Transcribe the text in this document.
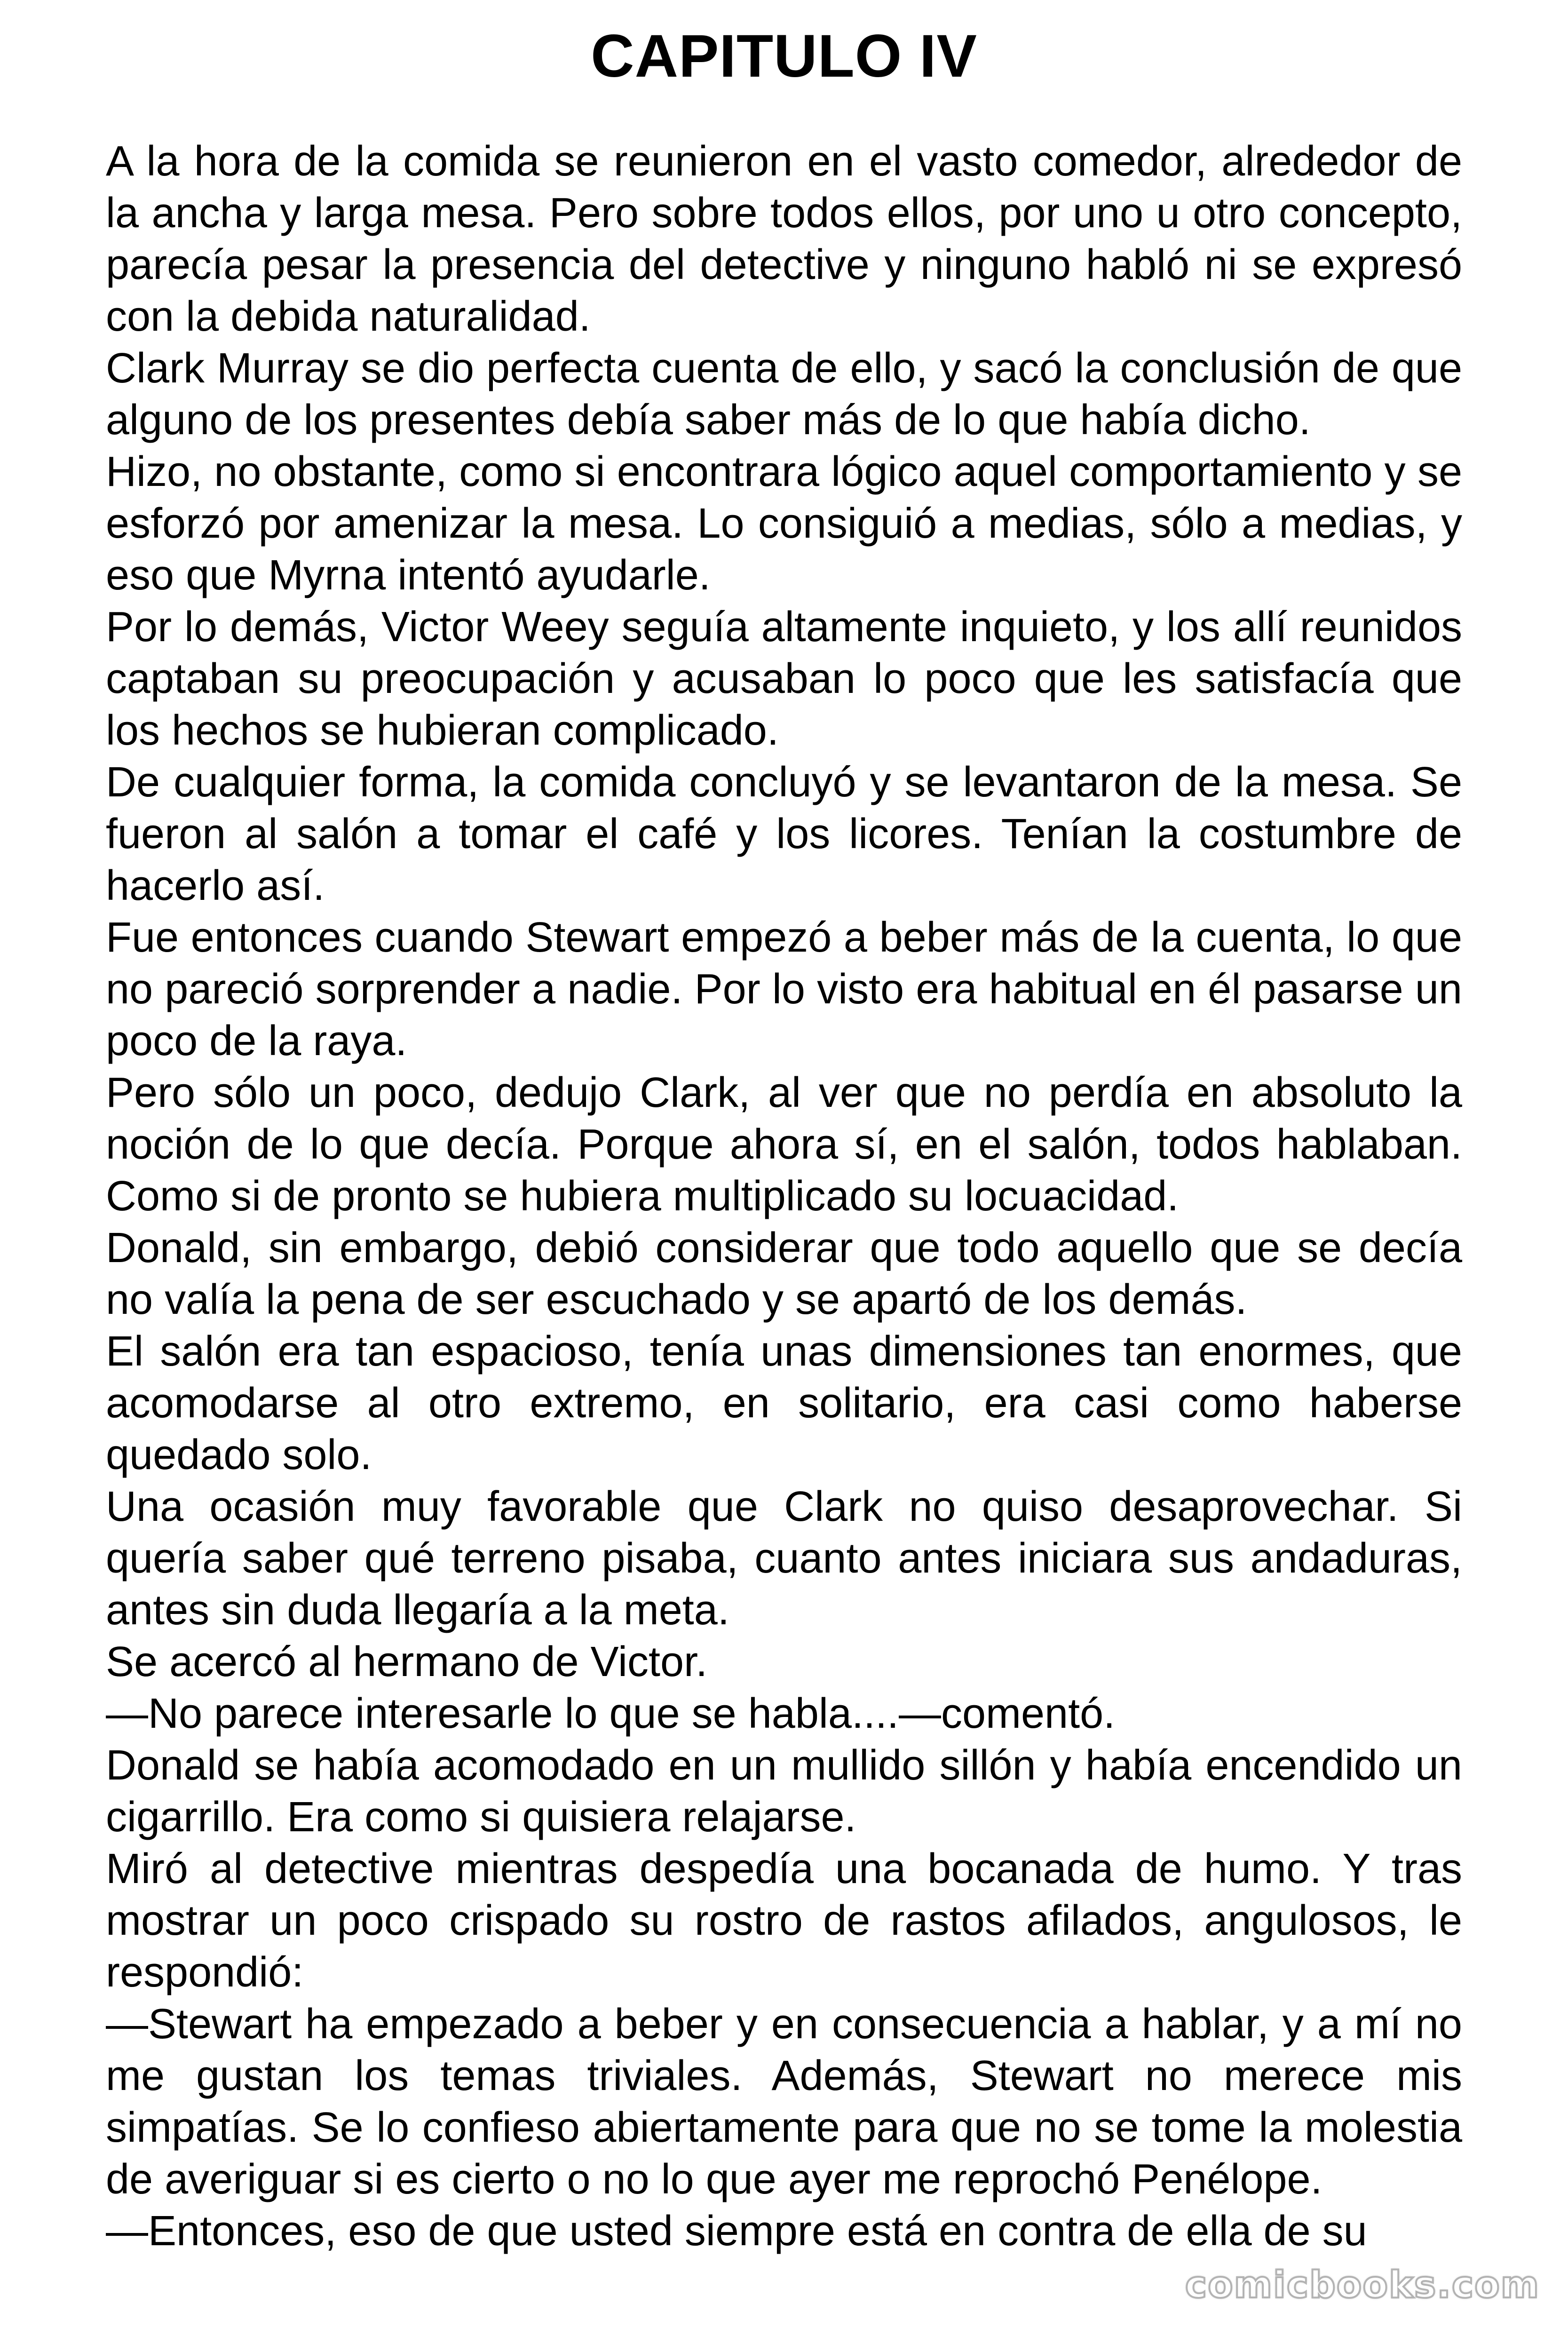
CAPITULO IV

A la hora de la comida se reunieron en el vasto comedor, alrededor de la ancha y larga mesa. Pero sobre todos ellos, por uno u otro concepto, parecía pesar la presencia del detective y ninguno habló ni se expresó con la debida naturalidad.

Clark Murray se dio perfecta cuenta de ello, y sacó la conclusión de que alguno de los presentes debía saber más de lo que había dicho.

Hizo, no obstante, como si encontrara lógico aquel comportamiento y se esforzó por amenizar la mesa. Lo consiguió a medias, sólo a medias, y eso que Myrna intentó ayudarle.

Por lo demás, Victor Weey seguía altamente inquieto, y los allí reunidos captaban su preocupación y acusaban lo poco que les satisfacía que los hechos se hubieran complicado.

De cualquier forma, la comida concluyó y se levantaron de la mesa. Se fueron al salón a tomar el café y los licores. Tenían la costumbre de hacerlo así.

Fue entonces cuando Stewart empezó a beber más de la cuenta, lo que no pareció sorprender a nadie. Por lo visto era habitual en él pasarse un poco de la raya.

Pero sólo un poco, dedujo Clark, al ver que no perdía en absoluto la noción de lo que decía. Porque ahora sí, en el salón, todos hablaban. Como si de pronto se hubiera multiplicado su locuacidad.

Donald, sin embargo, debió considerar que todo aquello que se decía no valía la pena de ser escuchado y se apartó de los demás.

El salón era tan espacioso, tenía unas dimensiones tan enormes, que acomodarse al otro extremo, en solitario, era casi como haberse quedado solo.

Una ocasión muy favorable que Clark no quiso desaprovechar. Si quería saber qué terreno pisaba, cuanto antes iniciara sus andaduras, antes sin duda llegaría a la meta.

Se acercó al hermano de Victor.

—No parece interesarle lo que se habla....—comentó.

Donald se había acomodado en un mullido sillón y había encendido un cigarrillo. Era como si quisiera relajarse.

Miró al detective mientras despedía una bocanada de humo. Y tras mostrar un poco crispado su rostro de rastos afilados, angulosos, le respondió:

—Stewart ha empezado a beber y en consecuencia a hablar, y a mí no me gustan los temas triviales. Además, Stewart no merece mis simpatías. Se lo confieso abiertamente para que no se tome la molestia de averiguar si es cierto o no lo que ayer me reprochó Penélope.

—Entonces, eso de que usted siempre está en contra de ella de su

comicbooks.com
